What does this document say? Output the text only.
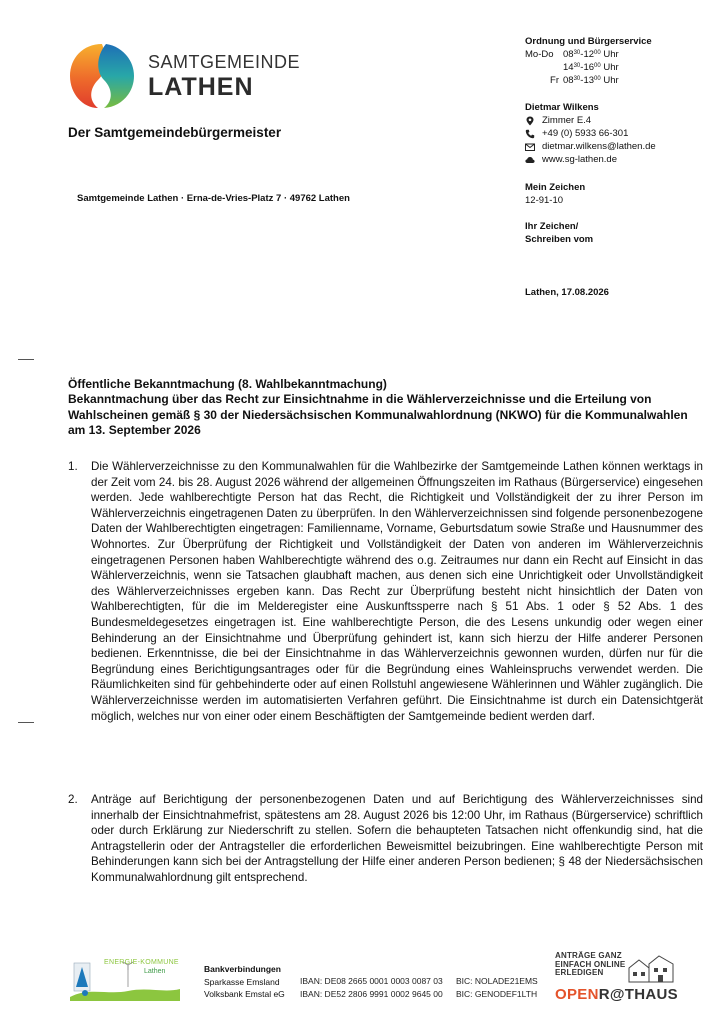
SAMTGEMEINDE
LATHEN
Der Samtgemeindebürgermeister
Samtgemeinde Lathen · Erna-de-Vries-Platz 7 · 49762 Lathen
Ordnung und Bürgerservice
Mo-Do $08^{30}-12^{00}$ Uhr
$14^{30}-16^{00}$ Uhr
Fr $08^{30}-13^{00}$ Uhr
Dietmar Wilkens
Zimmer E.4
+49 (0) 5933 66-301
dietmar.wilkens@lathen.de
www.sg-lathen.de
Mein Zeichen
12-91-10
Ihr Zeichen/
Schreiben vom
Lathen, 17.08.2026
Öffentliche Bekanntmachung (8. Wahlbekanntmachung)
Bekanntmachung über das Recht zur Einsichtnahme in die Wählerverzeichnisse und die Erteilung von Wahlscheinen gemäß § 30 der Niedersächsischen Kommunalwahlordnung (NKWO) für die Kommunalwahlen am 13. September 2026
1. Die Wählerverzeichnisse zu den Kommunalwahlen für die Wahlbezirke der Samtgemeinde Lathen können werktags in der Zeit vom 24. bis 28. August 2026 während der allgemeinen Öffnungszeiten im Rathaus (Bürgerservice) eingesehen werden. Jede wahlberechtigte Person hat das Recht, die Richtigkeit und Vollständigkeit der zu ihrer Person im Wählerverzeichnis eingetragenen Daten zu überprüfen. In den Wählerverzeichnissen sind folgende personenbezogene Daten der Wahlberechtigten eingetragen: Familienname, Vorname, Geburtsdatum sowie Straße und Hausnummer des Wohnortes. Zur Überprüfung der Richtigkeit und Vollständigkeit der Daten von anderen im Wählerverzeichnis eingetragenen Personen haben Wahlberechtigte während des o.g. Zeitraumes nur dann ein Recht auf Einsicht in das Wählerverzeichnis, wenn sie Tatsachen glaubhaft machen, aus denen sich eine Unrichtigkeit oder Unvollständigkeit des Wählerverzeichnisses ergeben kann. Das Recht zur Überprüfung besteht nicht hinsichtlich der Daten von Wahlberechtigten, für die im Melderegister eine Auskunftssperre nach § 51 Abs. 1 oder § 52 Abs. 1 des Bundesmeldegesetzes eingetragen ist. Eine wahlberechtigte Person, die des Lesens unkundig oder wegen einer Behinderung an der Einsichtnahme und Überprüfung gehindert ist, kann sich hierzu der Hilfe anderer Personen bedienen. Erkenntnisse, die bei der Einsichtnahme in das Wählerverzeichnis gewonnen wurden, dürfen nur für die Begründung eines Berichtigungsantrages oder für die Begründung eines Wahleinspruchs verwendet werden. Die Räumlichkeiten sind für gehbehinderte oder auf einen Rollstuhl angewiesene Wählerinnen und Wähler zugänglich. Die Wählerverzeichnisse werden im automatisierten Verfahren geführt. Die Einsichtnahme ist durch ein Datensichtgerät möglich, welches nur von einer oder einem Beschäftigten der Samtgemeinde bedient werden darf.
2. Anträge auf Berichtigung der personenbezogenen Daten und auf Berichtigung des Wählerverzeichnisses sind innerhalb der Einsichtnahmefrist, spätestens am 28. August 2026 bis 12:00 Uhr, im Rathaus (Bürgerservice) schriftlich oder durch Erklärung zur Niederschrift zu stellen. Sofern die behaupteten Tatsachen nicht offenkundig sind, hat die Antragstellerin oder der Antragsteller die erforderlichen Beweismittel beizubringen. Eine wahlberechtigte Person mit Behinderungen kann sich bei der Antragstellung der Hilfe einer anderen Person bedienen; § 48 der Niedersächsischen Kommunalwahlordnung gilt entsprechend.
ENERGIE-KOMMUNE
Lathen	Bankverbindungen
Sparkasse Emsland
Volksbank Emstal eG
IBAN: DE08 2665 0001 0003 0087 03
IBAN: DE52 2806 9991 0002 9645 00
BIC: NOLADE21EMS
BIC: GENODEF1LTH
ANTRÄGE GANZ
EINFACH ONLINE
ERLEDIGEN
OPENR@THAUS
